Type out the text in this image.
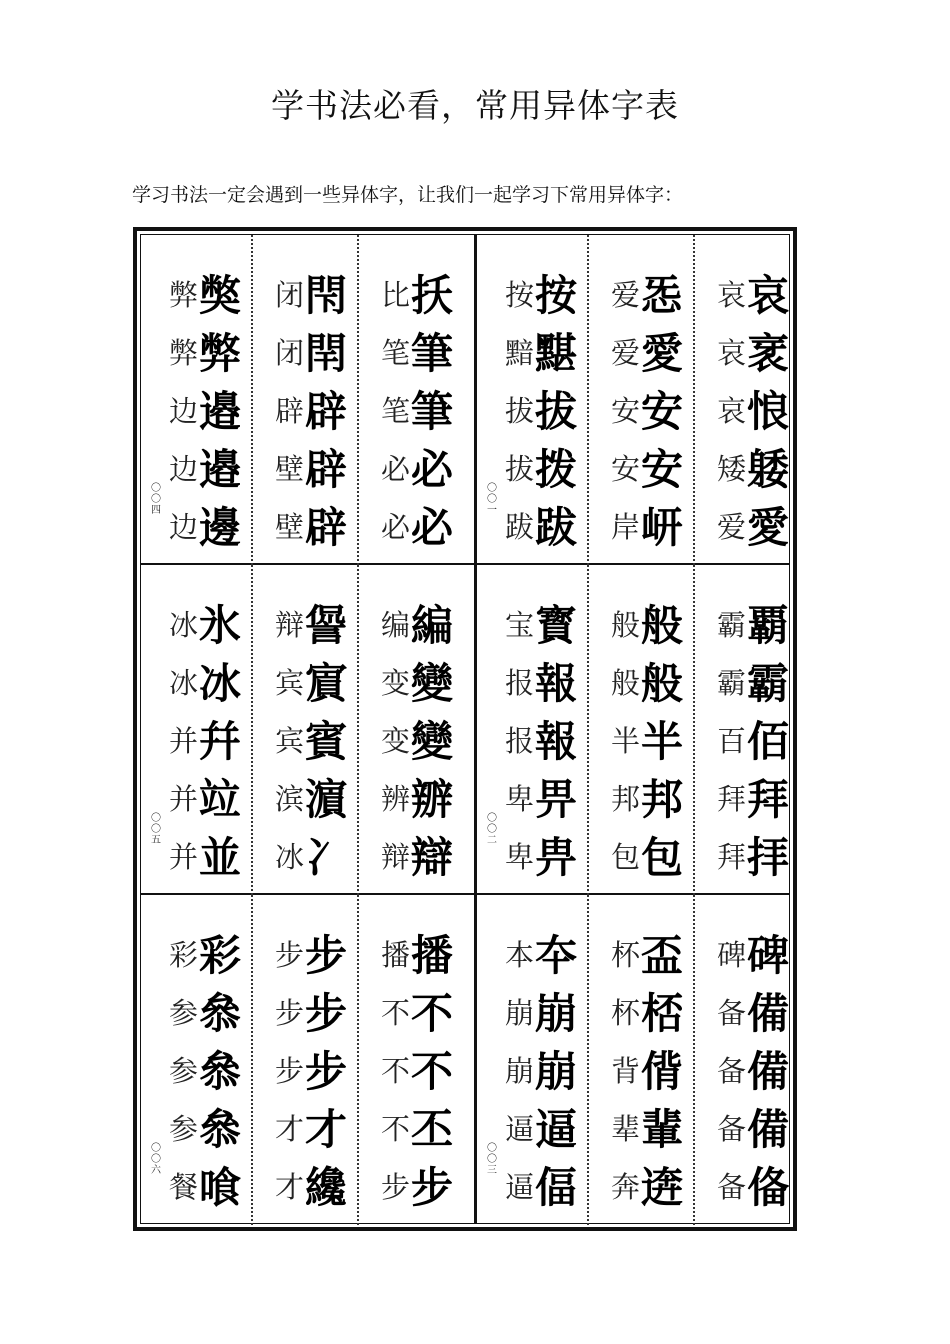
学书法必看，常用异体字表
学习书法一定会遇到一些异体字，让我们一起学习下常用异体字：
〇〇四
弊 獘
弊 弊
边 邉
边 邉
边 邊
闭 閇
闭 閈
辟 辟
壁 辟
壁 辟
比 扷
笔 筆
笔 筆
必 必
必 必
〇〇一
按 按
黯 黮
拔 拔
拔 拨
跋 跋
爱 㤅
爱 愛
安 安
安 安
岸 岍
哀 哀
哀 衺
哀 悢
矮 躷
爱 愛
〇〇五
冰 氷
冰 冰
并 幷
并 竝
并 並
辩 諐
宾 賔
宾 賓
滨 濵
冰 冫
编 編
变 變
变 變
辨 辧
辩 辯
〇〇二
宝 寳
报 報
报 報
卑 畀
卑 畁
般 般
般 般
半 半
邦 邦
包 包
霸 覇
霸 霸
百 佰
拜 拜
拜 拝
〇〇六
彩 彩
参 叅
参 叅
参 叅
餐 喰
步 步
步 步
步 步
才 才
才 纔
播 播
不 不
不 不
不 丕
步 步
〇〇三
本 夲
崩 崩
崩 崩
逼 逼
逼 偪
杯 盃
杯 桮
背 偝
辈 輩
奔 逩
碑 碑
备 備
备 備
备 備
备 俻
